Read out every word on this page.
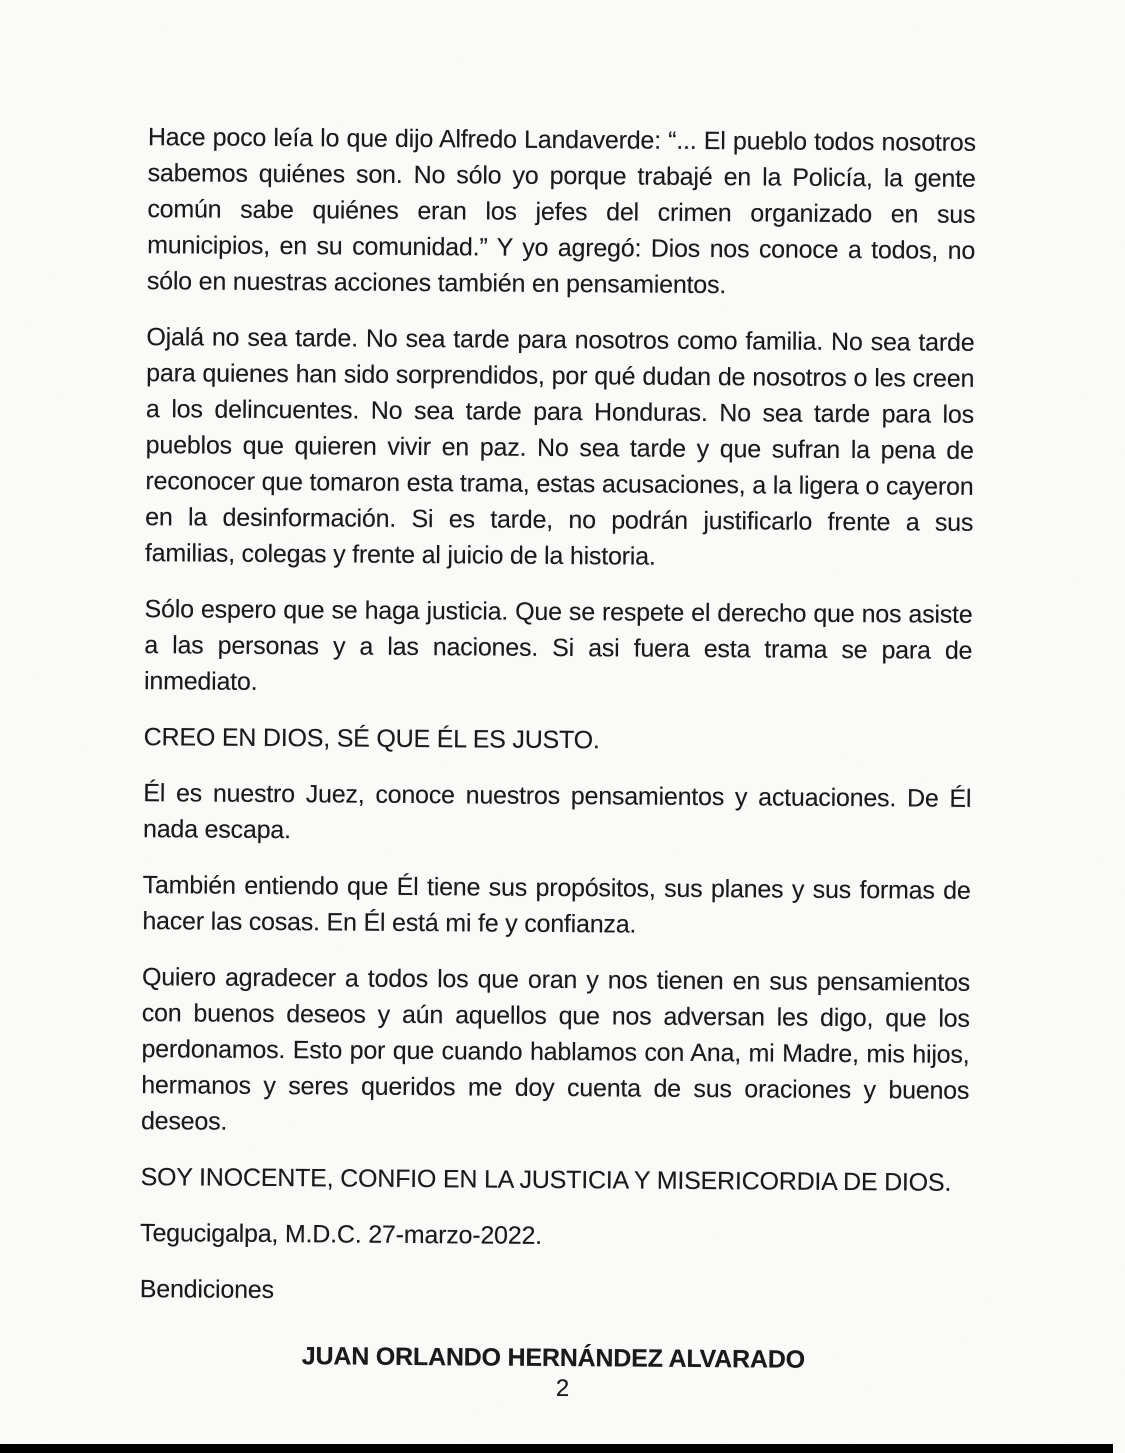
Hace poco leía lo que dijo Alfredo Landaverde: “... El pueblo todos nosotros sabemos quiénes son. No sólo yo porque trabajé en la Policía, la gente común sabe quiénes eran los jefes del crimen organizado en sus municipios, en su comunidad.” Y yo agregó: Dios nos conoce a todos, no sólo en nuestras acciones también en pensamientos.

Ojalá no sea tarde. No sea tarde para nosotros como familia. No sea tarde para quienes han sido sorprendidos, por qué dudan de nosotros o les creen a los delincuentes. No sea tarde para Honduras. No sea tarde para los pueblos que quieren vivir en paz. No sea tarde y que sufran la pena de reconocer que tomaron esta trama, estas acusaciones, a la ligera o cayeron en la desinformación. Si es tarde, no podrán justificarlo frente a sus familias, colegas y frente al juicio de la historia.

Sólo espero que se haga justicia. Que se respete el derecho que nos asiste a las personas y a las naciones. Si asi fuera esta trama se para de inmediato.

CREO EN DIOS, SÉ QUE ÉL ES JUSTO.

Él es nuestro Juez, conoce nuestros pensamientos y actuaciones. De Él nada escapa.

También entiendo que Él tiene sus propósitos, sus planes y sus formas de hacer las cosas. En Él está mi fe y confianza.

Quiero agradecer a todos los que oran y nos tienen en sus pensamientos con buenos deseos y aún aquellos que nos adversan les digo, que los perdonamos. Esto por que cuando hablamos con Ana, mi Madre, mis hijos, hermanos y seres queridos me doy cuenta de sus oraciones y buenos deseos.

SOY INOCENTE, CONFIO EN LA JUSTICIA Y MISERICORDIA DE DIOS.

Tegucigalpa, M.D.C. 27-marzo-2022.

Bendiciones

JUAN ORLANDO HERNÁNDEZ ALVARADO

2
